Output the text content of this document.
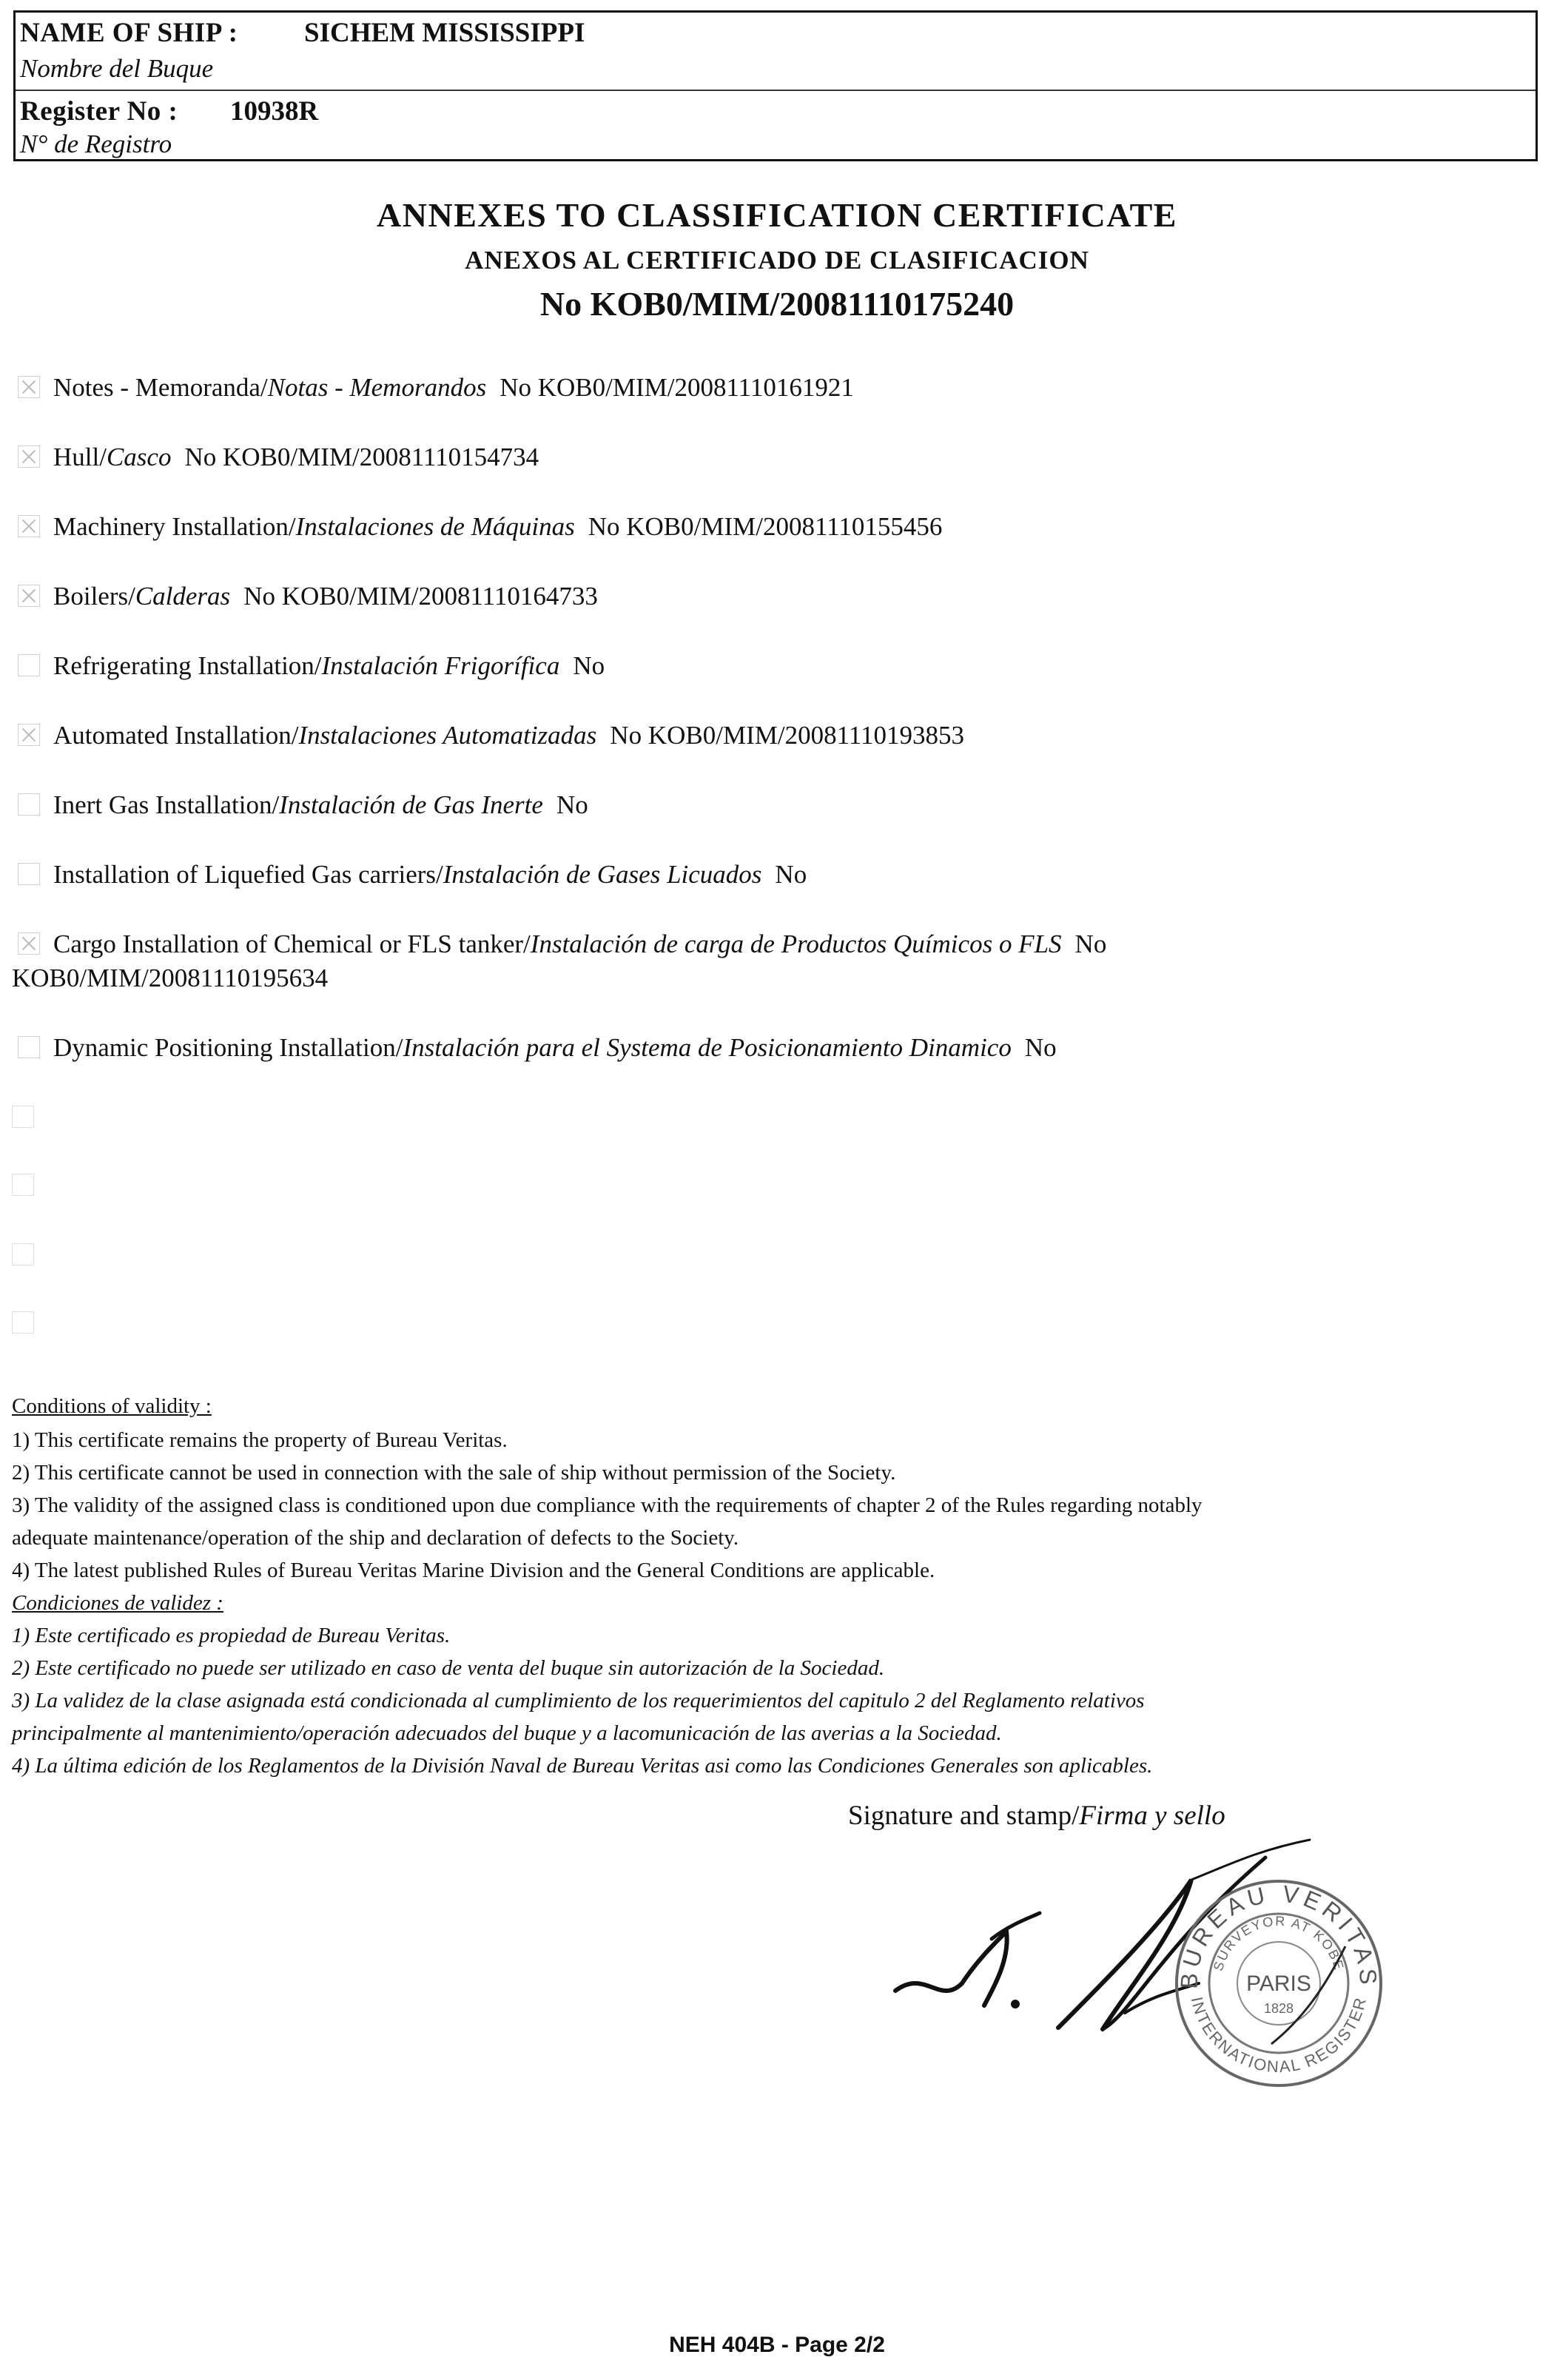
NAME OF SHIP : SICHEM MISSISSIPPI
Nombre del Buque
Register No : 10938R
N° de Registro
ANNEXES TO CLASSIFICATION CERTIFICATE
ANEXOS AL CERTIFICADO DE CLASIFICACION
No KOB0/MIM/20081110175240
Notes - Memoranda/Notas - Memorandos No KOB0/MIM/20081110161921
Hull/Casco No KOB0/MIM/20081110154734
Machinery Installation/Instalaciones de Máquinas No KOB0/MIM/20081110155456
Boilers/Calderas No KOB0/MIM/20081110164733
Refrigerating Installation/Instalación Frigorífica No
Automated Installation/Instalaciones Automatizadas No KOB0/MIM/20081110193853
Inert Gas Installation/Instalación de Gas Inerte No
Installation of Liquefied Gas carriers/Instalación de Gases Licuados No
Cargo Installation of Chemical or FLS tanker/Instalación de carga de Productos Químicos o FLS No
KOB0/MIM/20081110195634
Dynamic Positioning Installation/Instalación para el Systema de Posicionamiento Dinamico No
Conditions of validity :
1) This certificate remains the property of Bureau Veritas.
2) This certificate cannot be used in connection with the sale of ship without permission of the Society.
3) The validity of the assigned class is conditioned upon due compliance with the requirements of chapter 2 of the Rules regarding notably
adequate maintenance/operation of the ship and declaration of defects to the Society.
4) The latest published Rules of Bureau Veritas Marine Division and the General Conditions are applicable.
Condiciones de validez :
1) Este certificado es propiedad de Bureau Veritas.
2) Este certificado no puede ser utilizado en caso de venta del buque sin autorización de la Sociedad.
3) La validez de la clase asignada está condicionada al cumplimiento de los requerimientos del capitulo 2 del Reglamento relativos
principalmente al mantenimiento/operación adecuados del buque y a lacomunicación de las averias a la Sociedad.
4) La última edición de los Reglamentos de la División Naval de Bureau Veritas asi como las Condiciones Generales son aplicables.
Signature and stamp/Firma y sello
BUREAU VERITAS
INTERNATIONAL REGISTER
SURVEYOR AT KOBE
PARIS
1828
NEH 404B - Page 2/2
